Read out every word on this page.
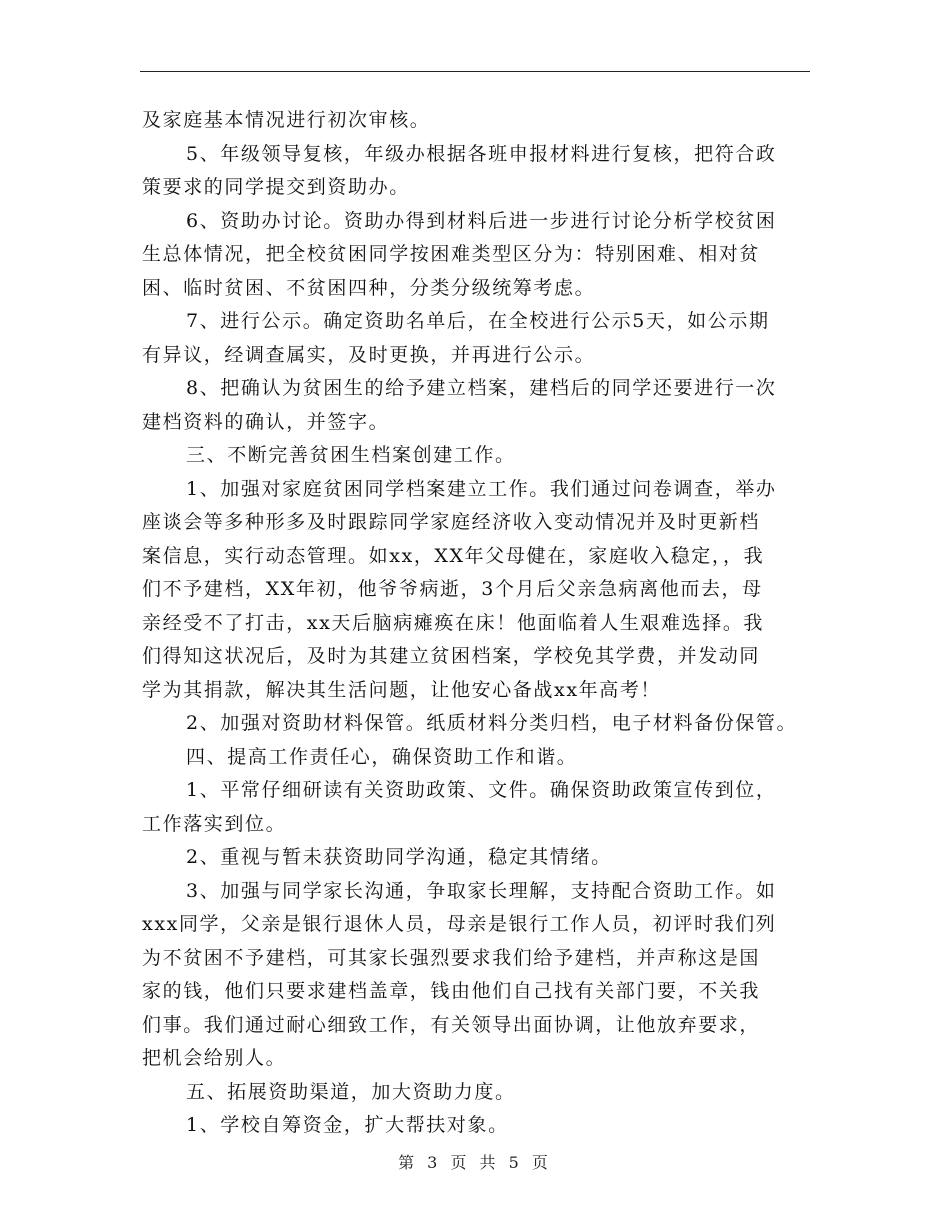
及家庭基本情况进行初次审核。
5、年级领导复核，年级办根据各班申报材料进行复核，把符合政
策要求的同学提交到资助办。
6、资助办讨论。资助办得到材料后进一步进行讨论分析学校贫困
生总体情况，把全校贫困同学按困难类型区分为：特别困难、相对贫
困、临时贫困、不贫困四种，分类分级统筹考虑。
7、进行公示。确定资助名单后，在全校进行公示5天，如公示期
有异议，经调查属实，及时更换，并再进行公示。
8、把确认为贫困生的给予建立档案，建档后的同学还要进行一次
建档资料的确认，并签字。
三、不断完善贫困生档案创建工作。
1、加强对家庭贫困同学档案建立工作。我们通过问卷调查，举办
座谈会等多种形多及时跟踪同学家庭经济收入变动情况并及时更新档
案信息，实行动态管理。如xx，XX年父母健在，家庭收入稳定，，我
们不予建档，XX年初，他爷爷病逝，3个月后父亲急病离他而去，母
亲经受不了打击，xx天后脑病瘫痪在床！他面临着人生艰难选择。我
们得知这状况后，及时为其建立贫困档案，学校免其学费，并发动同
学为其捐款，解决其生活问题，让他安心备战xx年高考！
2、加强对资助材料保管。纸质材料分类归档，电子材料备份保管。
四、提高工作责任心，确保资助工作和谐。
1、平常仔细研读有关资助政策、文件。确保资助政策宣传到位，
工作落实到位。
2、重视与暂未获资助同学沟通，稳定其情绪。
3、加强与同学家长沟通，争取家长理解，支持配合资助工作。如
xxx同学，父亲是银行退休人员，母亲是银行工作人员，初评时我们列
为不贫困不予建档，可其家长强烈要求我们给予建档，并声称这是国
家的钱，他们只要求建档盖章，钱由他们自己找有关部门要，不关我
们事。我们通过耐心细致工作，有关领导出面协调，让他放弃要求，
把机会给别人。
五、拓展资助渠道，加大资助力度。
1、学校自筹资金，扩大帮扶对象。
第 3 页 共 5 页
